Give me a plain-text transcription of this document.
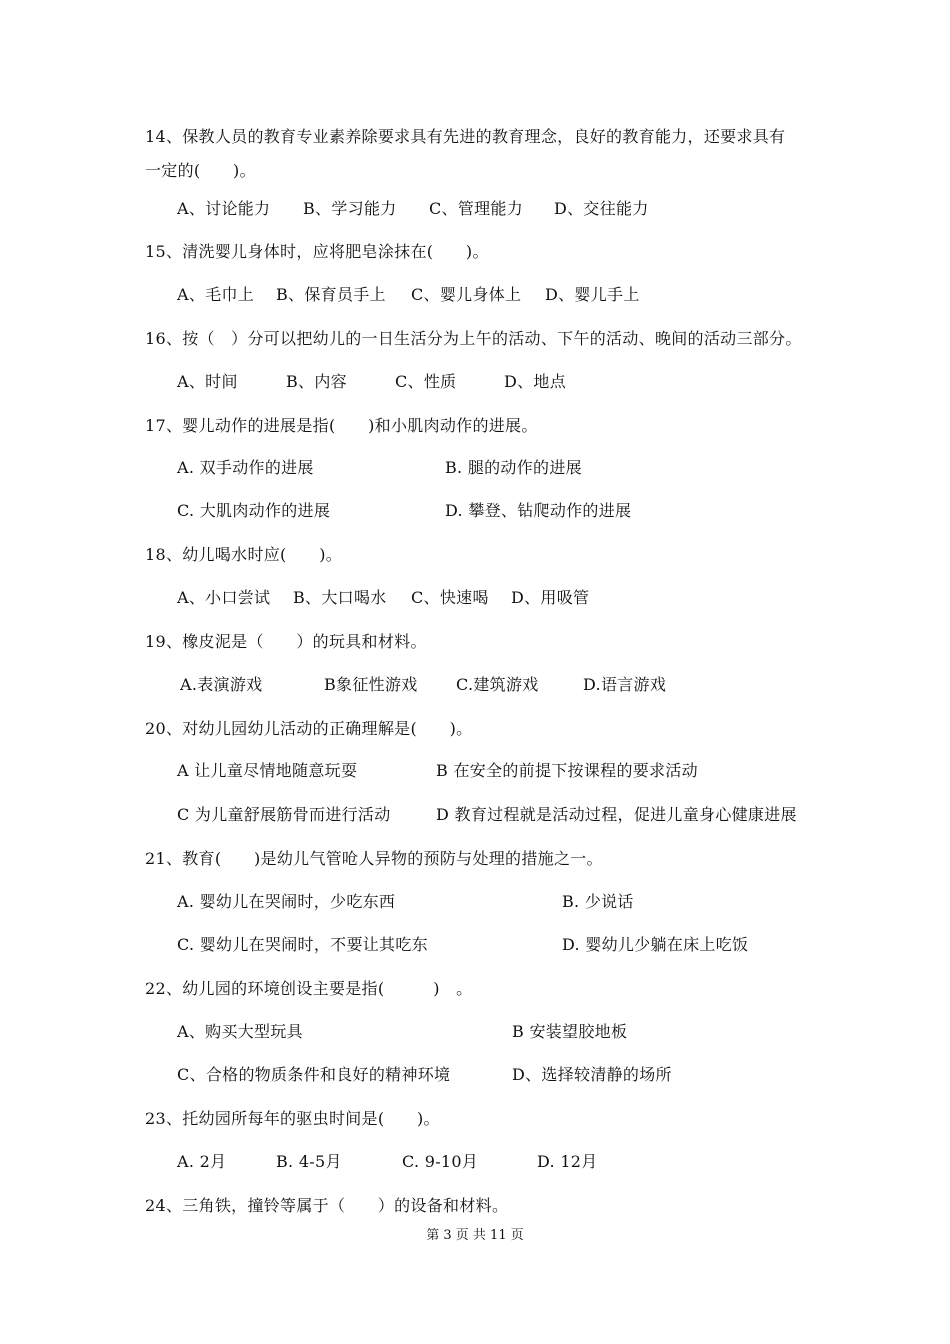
14、保教人员的教育专业素养除要求具有先进的教育理念，良好的教育能力，还要求具有
一定的(　　)。
A、讨论能力 B、学习能力 C、管理能力 D、交往能力
15、清洗婴儿身体时，应将肥皂涂抹在(　　)。
A、毛巾上 B、保育员手上 C、婴儿身体上 D、婴儿手上
16、按（　）分可以把幼儿的一日生活分为上午的活动、下午的活动、晚间的活动三部分。
A、时间	B、内容	C、性质	D、地点
17、婴儿动作的进展是指(　　)和小肌肉动作的进展。
A. 双手动作的进展	B. 腿的动作的进展
C. 大肌肉动作的进展	D. 攀登、钻爬动作的进展
18、幼儿喝水时应(　　)。
A、小口尝试 B、大口喝水 C、快速喝 D、用吸管
19、橡皮泥是（　　）的玩具和材料。
A.表演游戏	B象征性游戏 C.建筑游戏	D.语言游戏
20、对幼儿园幼儿活动的正确理解是(　　)。
A 让儿童尽情地随意玩耍	B 在安全的前提下按课程的要求活动
C 为儿童舒展筋骨而进行活动	D 教育过程就是活动过程，促进儿童身心健康进展
21、教育(　　)是幼儿气管呛人异物的预防与处理的措施之一。
A. 婴幼儿在哭闹时，少吃东西	B. 少说话
C. 婴幼儿在哭闹时，不要让其吃东	D. 婴幼儿少躺在床上吃饭
22、幼儿园的环境创设主要是指(　　　)　。
A、购买大型玩具	B 安装望胶地板
C、合格的物质条件和良好的精神环境	D、选择较清静的场所
23、托幼园所每年的驱虫时间是(　　)。
A. 2月	B. 4-5月	C. 9-10月	D. 12月
24、三角铁，撞铃等属于（　　）的设备和材料。
第 3 页 共 11 页
